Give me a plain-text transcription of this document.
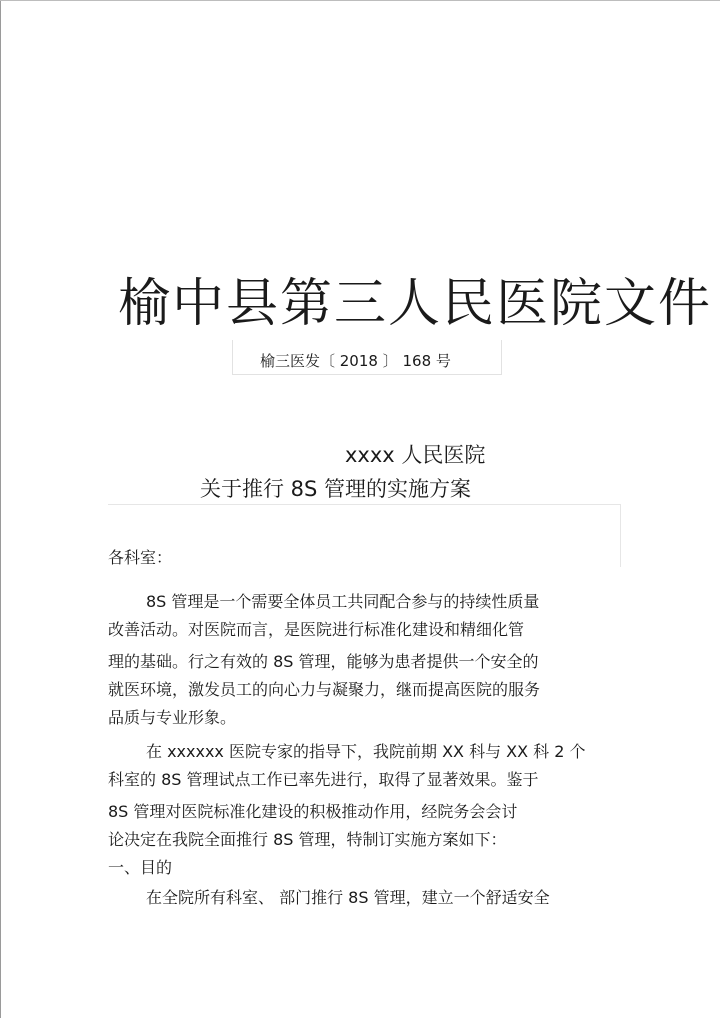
榆中县第三人民医院文件
榆三医发〔 2018 〕 168 号
xxxx 人民医院
关于推行 8S 管理的实施方案
各科室：
8S 管理是一个需要全体员工共同配合参与的持续性质量
改善活动。对医院而言，是医院进行标准化建设和精细化管
理的基础。行之有效的 8S 管理，能够为患者提供一个安全的
就医环境，激发员工的向心力与凝聚力，继而提高医院的服务
品质与专业形象。
在 xxxxxx 医院专家的指导下，我院前期 XX 科与 XX 科 2 个
科室的 8S 管理试点工作已率先进行，取得了显著效果。鉴于
8S 管理对医院标准化建设的积极推动作用，经院务会会讨
论决定在我院全面推行 8S 管理，特制订实施方案如下：
一、目的
在全院所有科室、 部门推行 8S 管理，建立一个舒适安全
